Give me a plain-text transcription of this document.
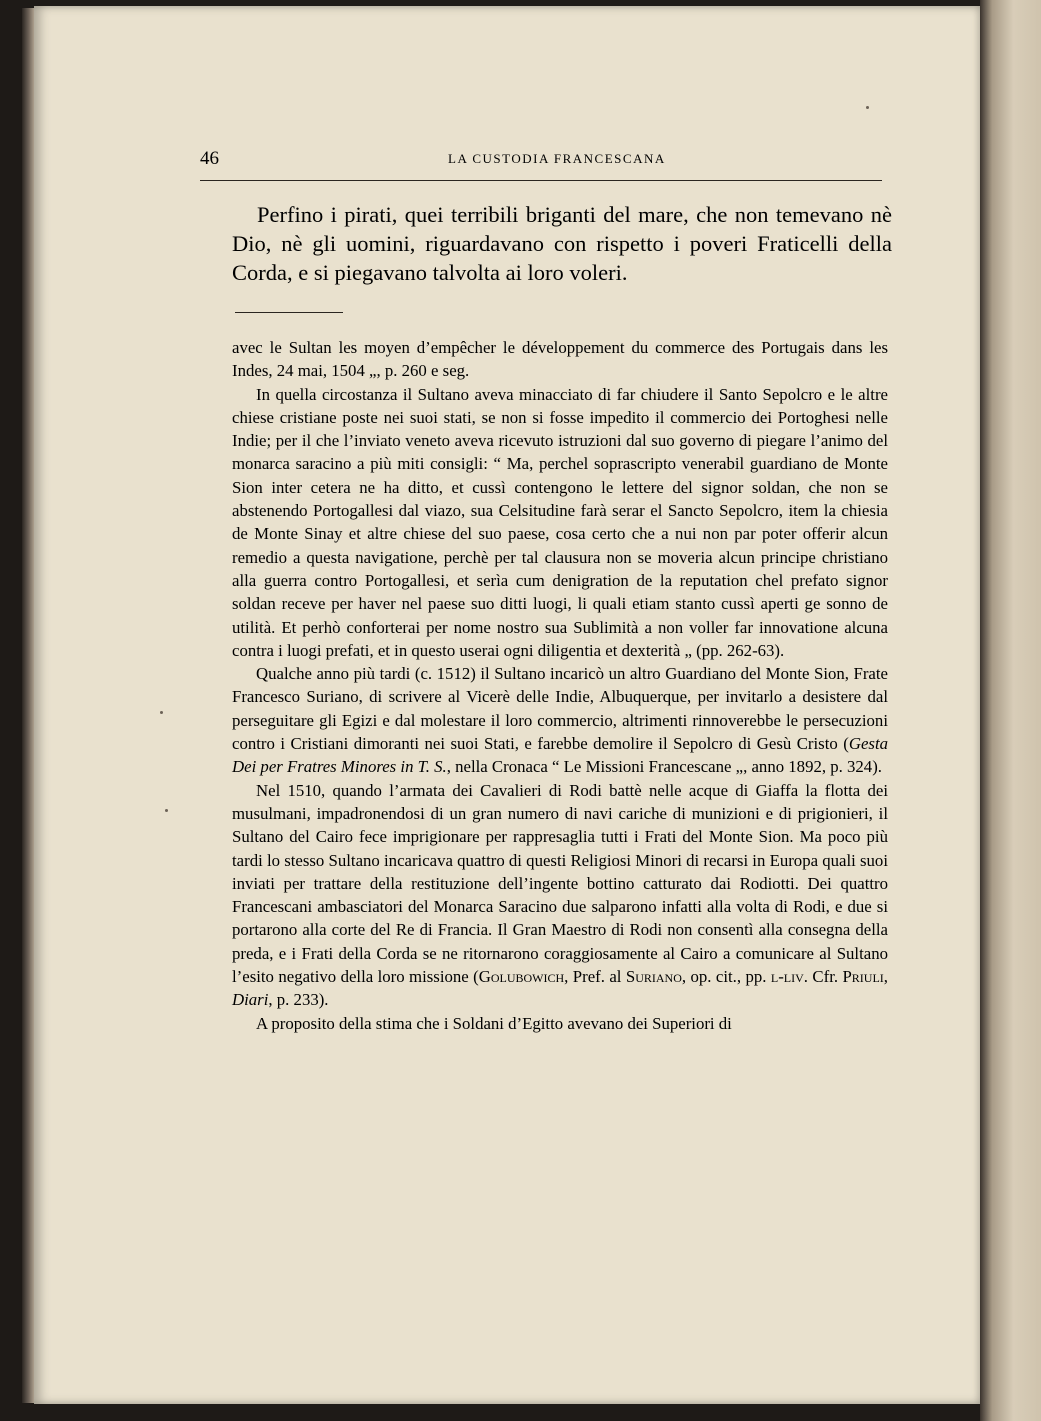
46	LA CUSTODIA FRANCESCANA

Perfino i pirati, quei terribili briganti del mare, che non temevano nè Dio, nè gli uomini, riguardavano con rispetto i poveri Fraticelli della Corda, e si piegavano talvolta ai loro voleri.

avec le Sultan les moyen d’empêcher le développement du commerce des Portugais dans les Indes, 24 mai, 1504 „, p. 260 e seg.

In quella circostanza il Sultano aveva minacciato di far chiudere il Santo Sepolcro e le altre chiese cristiane poste nei suoi stati, se non si fosse impedito il commercio dei Portoghesi nelle Indie; per il che l’inviato veneto aveva ricevuto istruzioni dal suo governo di piegare l’animo del monarca saracino a più miti consigli: “ Ma, perchel soprascripto venerabil guardiano de Monte Sion inter cetera ne ha ditto, et cussì contengono le lettere del signor soldan, che non se abstenendo Portogallesi dal viazo, sua Celsitudine farà serar el Sancto Sepolcro, item la chiesia de Monte Sinay et altre chiese del suo paese, cosa certo che a nui non par poter offerir alcun remedio a questa navigatione, perchè per tal clausura non se moveria alcun principe christiano alla guerra contro Portogallesi, et serìa cum denigration de la reputation chel prefato signor soldan receve per haver nel paese suo ditti luogi, li quali etiam stanto cussì aperti ge sonno de utilità. Et perhò conforterai per nome nostro sua Sublimità a non voller far innovatione alcuna contra i luogi prefati, et in questo userai ogni diligentia et dexterità „ (pp. 262-63).

Qualche anno più tardi (c. 1512) il Sultano incaricò un altro Guardiano del Monte Sion, Frate Francesco Suriano, di scrivere al Vicerè delle Indie, Albuquerque, per invitarlo a desistere dal perseguitare gli Egizi e dal molestare il loro commercio, altrimenti rinnoverebbe le persecuzioni contro i Cristiani dimoranti nei suoi Stati, e farebbe demolire il Sepolcro di Gesù Cristo (Gesta Dei per Fratres Minores in T. S., nella Cronaca “ Le Missioni Francescane „, anno 1892, p. 324).

Nel 1510, quando l’armata dei Cavalieri di Rodi battè nelle acque di Giaffa la flotta dei musulmani, impadronendosi di un gran numero di navi cariche di munizioni e di prigionieri, il Sultano del Cairo fece imprigionare per rappresaglia tutti i Frati del Monte Sion. Ma poco più tardi lo stesso Sultano incaricava quattro di questi Religiosi Minori di recarsi in Europa quali suoi inviati per trattare della restituzione dell’ingente bottino catturato dai Rodiotti. Dei quattro Francescani ambasciatori del Monarca Saracino due salparono infatti alla volta di Rodi, e due si portarono alla corte del Re di Francia. Il Gran Maestro di Rodi non consentì alla consegna della preda, e i Frati della Corda se ne ritornarono coraggiosamente al Cairo a comunicare al Sultano l’esito negativo della loro missione (Golubowich, Pref. al Suriano, op. cit., pp. l-liv. Cfr. Priuli, Diari, p. 233).

A proposito della stima che i Soldani d’Egitto avevano dei Superiori di
